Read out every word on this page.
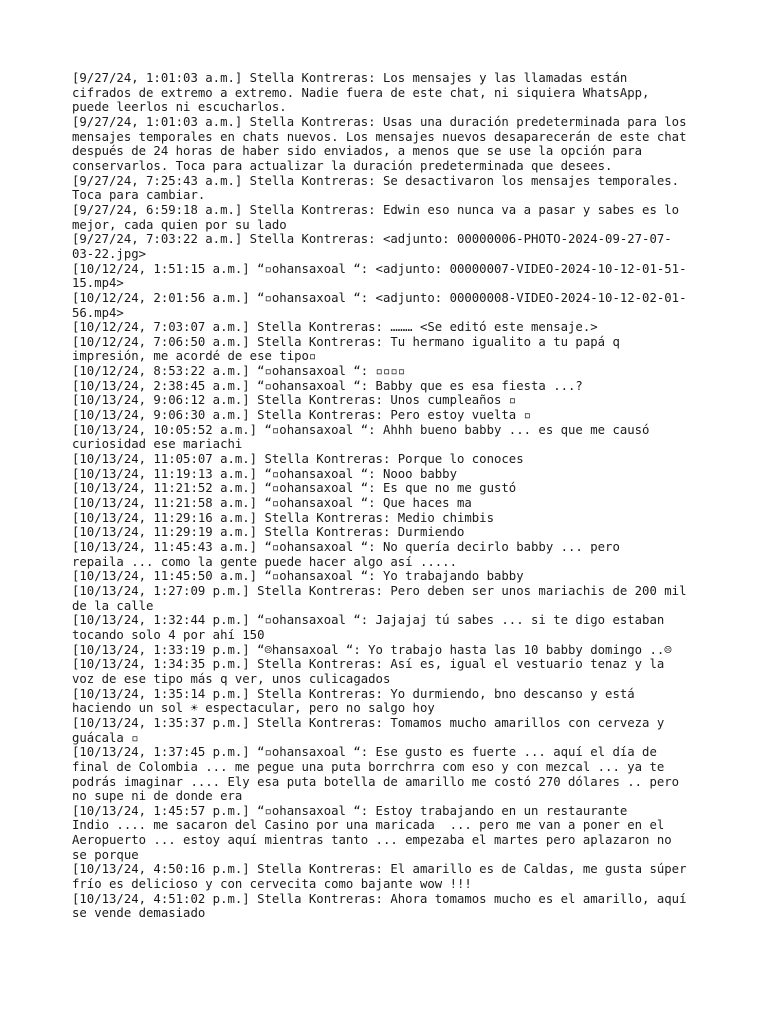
[9/27/24, 1:01:03 a.m.] Stella Kontreras: Los mensajes y las llamadas están
cifrados de extremo a extremo. Nadie fuera de este chat, ni siquiera WhatsApp,
puede leerlos ni escucharlos.

[9/27/24, 1:01:03 a.m.] Stella Kontreras: Usas una duración predeterminada para los
mensajes temporales en chats nuevos. Los mensajes nuevos desaparecerán de este chat
después de 24 horas de haber sido enviados, a menos que se use la opción para
conservarlos. Toca para actualizar la duración predeterminada que desees.

[9/27/24, 7:25:43 a.m.] Stella Kontreras: Se desactivaron los mensajes temporales.
Toca para cambiar.

[9/27/24, 6:59:18 a.m.] Stella Kontreras: Edwin eso nunca va a pasar y sabes es lo
mejor, cada quien por su lado

[9/27/24, 7:03:22 a.m.] Stella Kontreras: <adjunto: 00000006-PHOTO-2024-09-27-07-
03-22.jpg>

[10/12/24, 1:51:15 a.m.] “▫ohansaxoal “: <adjunto: 00000007-VIDEO-2024-10-12-01-51-
15.mp4>

[10/12/24, 2:01:56 a.m.] “▫ohansaxoal “: <adjunto: 00000008-VIDEO-2024-10-12-02-01-
56.mp4>

[10/12/24, 7:03:07 a.m.] Stella Kontreras: ……… <Se editó este mensaje.>

[10/12/24, 7:06:50 a.m.] Stella Kontreras: Tu hermano igualito a tu papá q
impresión, me acordé de ese tipo▫

[10/12/24, 8:53:22 a.m.] “▫ohansaxoal “: ▫▫▫▫

[10/13/24, 2:38:45 a.m.] “▫ohansaxoal “: Babby que es esa fiesta ...?

[10/13/24, 9:06:12 a.m.] Stella Kontreras: Unos cumpleaños ▫

[10/13/24, 9:06:30 a.m.] Stella Kontreras: Pero estoy vuelta ▫

[10/13/24, 10:05:52 a.m.] “▫ohansaxoal “: Ahhh bueno babby ... es que me causó
curiosidad ese mariachi

[10/13/24, 11:05:07 a.m.] Stella Kontreras: Porque lo conoces

[10/13/24, 11:19:13 a.m.] “▫ohansaxoal “: Nooo babby

[10/13/24, 11:21:52 a.m.] “▫ohansaxoal “: Es que no me gustó

[10/13/24, 11:21:58 a.m.] “▫ohansaxoal “: Que haces ma

[10/13/24, 11:29:16 a.m.] Stella Kontreras: Medio chimbis

[10/13/24, 11:29:19 a.m.] Stella Kontreras: Durmiendo

[10/13/24, 11:45:43 a.m.] “▫ohansaxoal “: No quería decirlo babby ... pero
repaila ... como la gente puede hacer algo así .....

[10/13/24, 11:45:50 a.m.] “▫ohansaxoal “: Yo trabajando babby

[10/13/24, 1:27:09 p.m.] Stella Kontreras: Pero deben ser unos mariachis de 200 mil
de la calle

[10/13/24, 1:32:44 p.m.] “▫ohansaxoal “: Jajajaj tú sabes ... si te digo estaban
tocando solo 4 por ahí 150

[10/13/24, 1:33:19 p.m.] “☹hansaxoal “: Yo trabajo hasta las 10 babby domingo ..☹

[10/13/24, 1:34:35 p.m.] Stella Kontreras: Así es, igual el vestuario tenaz y la
voz de ese tipo más q ver, unos culicagados

[10/13/24, 1:35:14 p.m.] Stella Kontreras: Yo durmiendo, bno descanso y está
haciendo un sol ☀ espectacular, pero no salgo hoy

[10/13/24, 1:35:37 p.m.] Stella Kontreras: Tomamos mucho amarillos con cerveza y
guácala ▫

[10/13/24, 1:37:45 p.m.] “▫ohansaxoal “: Ese gusto es fuerte ... aquí el día de
final de Colombia ... me pegue una puta borrchrra com eso y con mezcal ... ya te
podrás imaginar .... Ely esa puta botella de amarillo me costó 270 dólares .. pero
no supe ni de donde era

[10/13/24, 1:45:57 p.m.] “▫ohansaxoal “: Estoy trabajando en un restaurante
Indio .... me sacaron del Casino por una maricada  ... pero me van a poner en el
Aeropuerto ... estoy aquí mientras tanto ... empezaba el martes pero aplazaron no
se porque

[10/13/24, 4:50:16 p.m.] Stella Kontreras: El amarillo es de Caldas, me gusta súper
frío es delicioso y con cervecita como bajante wow !!!

[10/13/24, 4:51:02 p.m.] Stella Kontreras: Ahora tomamos mucho es el amarillo, aquí
se vende demasiado
